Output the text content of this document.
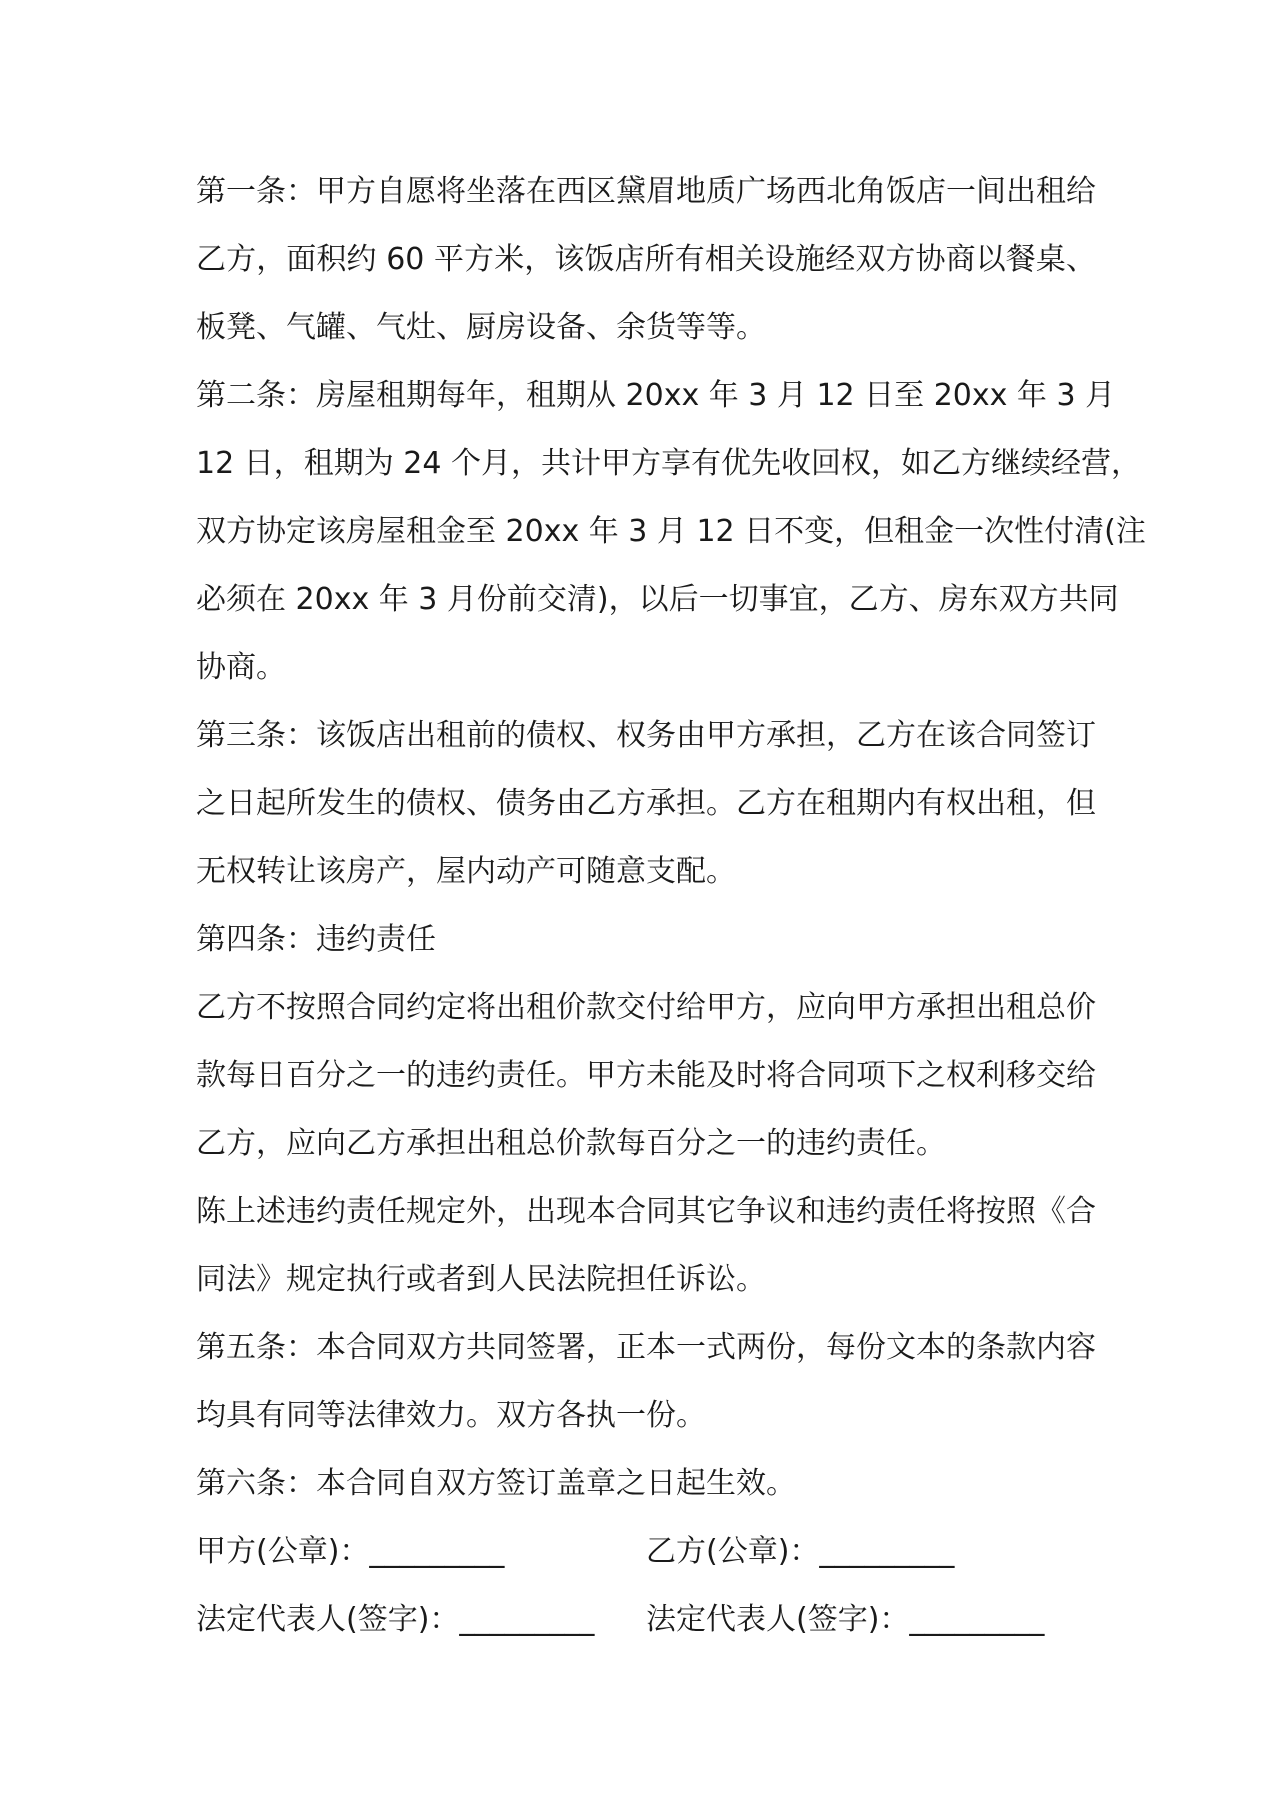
第一条：甲方自愿将坐落在西区黛眉地质广场西北角饭店一间出租给
乙方，面积约 60 平方米，该饭店所有相关设施经双方协商以餐桌、
板凳、气罐、气灶、厨房设备、余货等等。
第二条：房屋租期每年，租期从 20xx 年 3 月 12 日至 20xx 年 3 月
12 日，租期为 24 个月，共计甲方享有优先收回权，如乙方继续经营，
双方协定该房屋租金至 20xx 年 3 月 12 日不变，但租金一次性付清(注
必须在 20xx 年 3 月份前交清)，以后一切事宜，乙方、房东双方共同
协商。
第三条：该饭店出租前的债权、权务由甲方承担，乙方在该合同签订
之日起所发生的债权、债务由乙方承担。乙方在租期内有权出租，但
无权转让该房产，屋内动产可随意支配。
第四条：违约责任
乙方不按照合同约定将出租价款交付给甲方，应向甲方承担出租总价
款每日百分之一的违约责任。甲方未能及时将合同项下之权利移交给
乙方，应向乙方承担出租总价款每百分之一的违约责任。
陈上述违约责任规定外，出现本合同其它争议和违约责任将按照《合
同法》规定执行或者到人民法院担任诉讼。
第五条：本合同双方共同签署，正本一式两份，每份文本的条款内容
均具有同等法律效力。双方各执一份。
第六条：本合同自双方签订盖章之日起生效。
甲方(公章)：_________	乙方(公章)：_________
法定代表人(签字)：_________	法定代表人(签字)：_________
